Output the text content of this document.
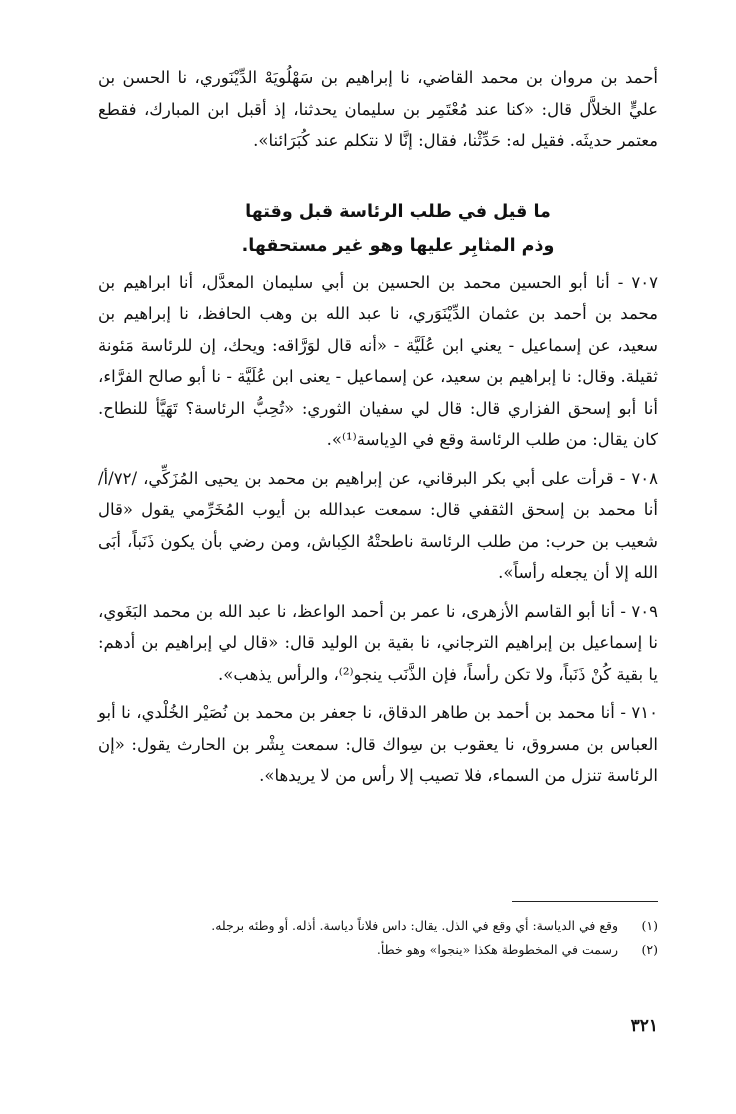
أحمد بن مروان بن محمد القاضي، نا إبراهيم بن سَهْلُويَهْ الدِّيْنَوري، نا الحسن بن عليٍّ الخلاَّل قال: «كنا عند مُعْتَمِر بن سليمان يحدثنا، إذ أقبل ابن المبارك، فقطع معتمر حديثَه. فقيل له: حَدِّثْنا، فقال: إنَّا لا نتكلم عند كُبَرَائنا».

ما قيل في طلب الرئاسة قبل وقتها
وذم المثابِر عليها وهو غير مستحقها.

٧٠٧ - أنا أبو الحسين محمد بن الحسين بن أبي سليمان المعدَّل، أنا ابراهيم بن محمد بن أحمد بن عثمان الدِّيْنَوَري، نا عبد الله بن وهب الحافظ، نا إبراهيم بن سعيد، عن إسماعيل - يعني ابن عُلَيَّة - «أنه قال لوَرَّاقه: ويحك، إن للرئاسة مَئونة ثقيلة. وقال: نا إبراهيم بن سعيد، عن إسماعيل - يعنى ابن عُلَيَّة - نا أبو صالح الفرَّاء، أنا أبو إسحق الفزاري قال: قال لي سفيان الثوري: «تُحِبُّ الرئاسة؟ تَهَيَّأ للنطاح. كان يقال: من طلب الرئاسة وقع في الدِياسة⁽¹⁾».

٧٠٨ - قرأت على أبي بكر البرقاني، عن إبراهيم بن محمد بن يحيى المُزَكِّي، /٧٢/أ/ أنا محمد بن إسحق الثقفي قال: سمعت عبدالله بن أيوب المُخَرِّمي يقول «قال شعيب بن حرب: من طلب الرئاسة ناطحتْهُ الكِباش، ومن رضي بأن يكون ذَنَباً، أبَى الله إلا أن يجعله رأساً».

٧٠٩ - أنا أبو القاسم الأزهرى، نا عمر بن أحمد الواعظ، نا عبد الله بن محمد البَغَوي، نا إسماعيل بن إبراهيم الترجاني، نا بقية بن الوليد قال: «قال لي إبراهيم بن أدهم: يا بقية كُنْ ذَنَباً، ولا تكن رأساً، فإن الذَّنَب ينجو⁽²⁾، والرأس يذهب».

٧١٠ - أنا محمد بن أحمد بن طاهر الدقاق، نا جعفر بن محمد بن نُصَيْر الخُلْدي، نا أبو العباس بن مسروق، نا يعقوب بن سِواك قال: سمعت بِشْر بن الحارث يقول: «إن الرئاسة تنزل من السماء، فلا تصيب إلا رأس من لا يريدها».

(١)
وقع في الدياسة: أي وقع في الذل. يقال: داس فلاناً دياسة. أذله. أو وطئه برجله.

(٢)
رسمت في المخطوطة هكذا «ينجوا» وهو خطأ.

٣٢١
